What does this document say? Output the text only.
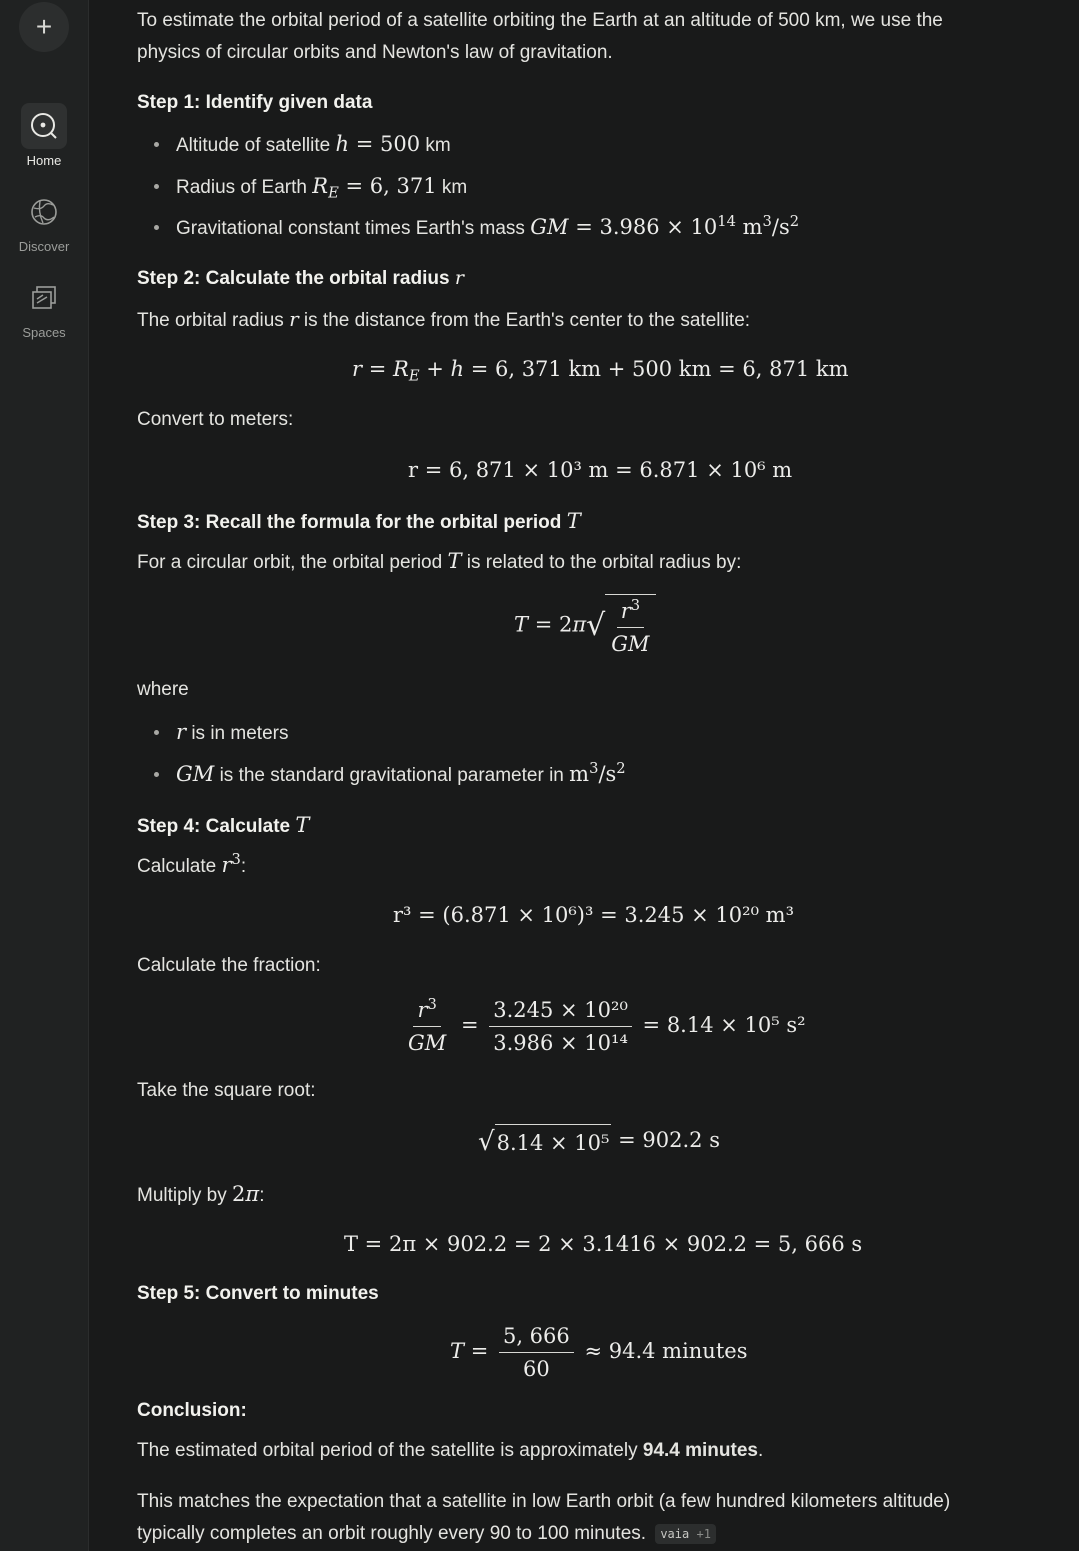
+
Home
Discover
Spaces
To estimate the orbital period of a satellite orbiting the Earth at an altitude of 500 km, we use the
physics of circular orbits and Newton's law of gravitation.
Step 1: Identify given data
Altitude of satellite h = 500 km
Radius of Earth $R_E = 6$, 371 km
Gravitational constant times Earth's mass GM = $3.986 \times 10^{14}$ $m^3/s^2$
Step 2: Calculate the orbital radius r
The orbital radius r is the distance from the Earth's center to the satellite:
$r = R_E + h = 6$, 371 km + 500 km = 6, 871 km
Convert to meters:
r = 6, 871 × 10³ m = 6.871 × 10⁶ m
Step 3: Recall the formula for the orbital period T
For a circular orbit, the orbital period T is related to the orbital radius by:
T = 2π √ $\frac{r^3}{GM}$
where
r is in meters
GM is the standard gravitational parameter in $m^3/s^2$
Step 4: Calculate T
Calculate $r^3$:
r³ = (6.871 × 10⁶)³ = 3.245 × 10²⁰ m³
Calculate the fraction:
$\frac{r^3}{GM} = \frac{\text{3.245 × 10²⁰}}{\text{3.986 × 10¹⁴}} = 8.14 \times 10^5$ s²
Take the square root:
√ 8.14 × 10⁵ = 902.2 s
Multiply by 2π:
T = 2π × 902.2 = 2 × 3.1416 × 902.2 = 5, 666 s
Step 5: Convert to minutes
$T = \frac{5, 666}{60} \approx 94.4$ minutes
Conclusion:
The estimated orbital period of the satellite is approximately 94.4 minutes.
This matches the expectation that a satellite in low Earth orbit (a few hundred kilometers altitude)
typically completes an orbit roughly every 90 to 100 minutes. vaia +1
